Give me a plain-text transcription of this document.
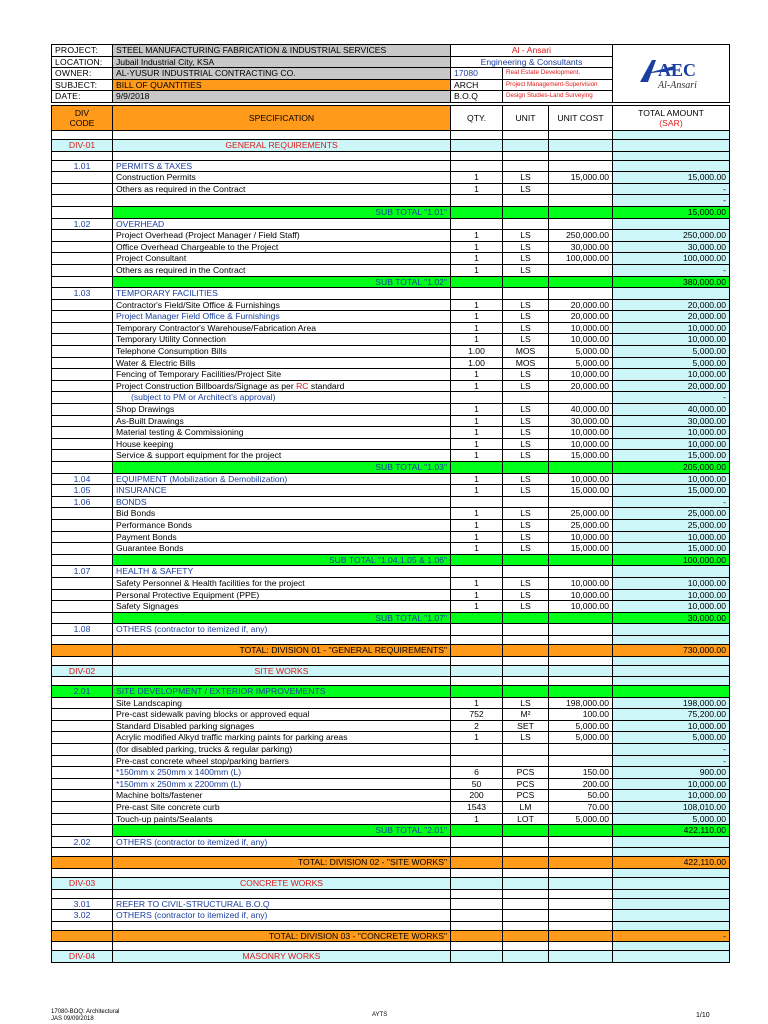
PROJECT:	STEEL MANUFACTURING FABRICATION & INDUSTRIAL SERVICES	Al - Ansari		AEC
Al-Ansari

LOCATION:	Jubail Industrial City, KSA	Engineering & Consultants		
OWNER:	AL-YUSUR INDUSTRIAL CONTRACTING CO.	17080	Real Estate Development.	
SUBJECT:	BILL OF QUANTITIES	ARCH	Project Management-Supervision	
DATE:	9/9/2018	B.O.Q	Design Studies-Land Surveying	
DIV
CODE	SPECIFICATION	QTY.	UNIT	UNIT COST	TOTAL AMOUNT
(SAR)

DIV-01	GENERAL REQUIREMENTS				

1.01	PERMITS & TAXES				
	Construction Permits	1	LS	15,000.00	15,000.00
	Others as required in the Contract	1	LS		-
					-
	SUB TOTAL "1.01"				15,000.00
1.02	OVERHEAD				
	Project Overhead (Project Manager / Field Staff)	1	LS	250,000.00	250,000.00
	Office Overhead Chargeable to the Project	1	LS	30,000.00	30,000.00
	Project Consultant	1	LS	100,000.00	100,000.00
	Others as required in the Contract	1	LS		-
	SUB TOTAL "1.02"				380,000.00
1.03	TEMPORARY FACILITIES				
	Contractor's Field/Site Office & Furnishings	1	LS	20,000.00	20,000.00
	Project Manager Field Office & Furnishings	1	LS	20,000.00	20,000.00
	Temporary Contractor's Warehouse/Fabrication Area	1	LS	10,000.00	10,000.00
	Temporary Utility Connection	1	LS	10,000.00	10,000.00
	Telephone Consumption Bills	1.00	MOS	5,000.00	5,000.00
	Water & Electric Bills	1.00	MOS	5,000.00	5,000.00
	Fencing of Temporary Facilities/Project Site	1	LS	10,000.00	10,000.00
	Project Construction Billboards/Signage as per RC standard	1	LS	20,000.00	20,000.00
	(subject to PM or Architect's approval)				-
	Shop Drawings	1	LS	40,000.00	40,000.00
	As-Built Drawings	1	LS	30,000.00	30,000.00
	Material testing & Commissioning	1	LS	10,000.00	10,000.00
	House keeping	1	LS	10,000.00	10,000.00
	Service & support equipment for the project	1	LS	15,000.00	15,000.00
	SUB TOTAL "1.03"				205,000.00
1.04	EQUIPMENT (Mobilization & Demobilization)	1	LS	10,000.00	10,000.00
1.05	INSURANCE	1	LS	15,000.00	15,000.00
1.06	BONDS				-
	Bid Bonds	1	LS	25,000.00	25,000.00
	Performance Bonds	1	LS	25,000.00	25,000.00
	Payment Bonds	1	LS	10,000.00	10,000.00
	Guarantee Bonds	1	LS	15,000.00	15,000.00
	SUB TOTAL "1.04,1.05 & 1.06"				100,000.00
1.07	HEALTH & SAFETY				
	Safety Personnel & Health facilities for the project	1	LS	10,000.00	10,000.00
	Personal Protective Equipment (PPE)	1	LS	10,000.00	10,000.00
	Safety Signages	1	LS	10,000.00	10,000.00
	SUB TOTAL "1.07"				30,000.00
1.08	OTHERS (contractor to itemized if, any)				

	TOTAL: DIVISION 01 - "GENERAL REQUIREMENTS"				730,000.00

DIV-02	SITE WORKS				

2.01	SITE DEVELOPMENT / EXTERIOR IMPROVEMENTS				
	Site Landscaping	1	LS	198,000.00	198,000.00
	Pre-cast sidewalk paving blocks or approved equal	752	M²	100.00	75,200.00
	Standard Disabled parking signages	2	SET	5,000.00	10,000.00
	Acrylic modified Alkyd traffic marking paints for parking areas	1	LS	5,000.00	5,000.00
	(for disabled parking, trucks & regular parking)				-
	Pre-cast concrete wheel stop/parking barriers				-
	*150mm x 250mm x 1400mm (L)	6	PCS	150.00	900.00
	*150mm x 250mm x 2200mm (L)	50	PCS	200.00	10,000.00
	Machine bolts/fastener	200	PCS	50.00	10,000.00
	Pre-cast Site concrete curb	1543	LM	70.00	108,010.00
	Touch-up paints/Sealants	1	LOT	5,000.00	5,000.00
	SUB TOTAL "2.01"				422,110.00
2.02	OTHERS (contractor to itemized if, any)				

	TOTAL: DIVISION 02 - "SITE WORKS"				422,110.00

DIV-03	CONCRETE WORKS				

3.01	REFER TO CIVIL-STRUCTURAL B.O.Q				
3.02	OTHERS (contractor to itemized if, any)				

	TOTAL: DIVISION 03 - "CONCRETE WORKS"				-

DIV-04	MASONRY WORKS				
17080-BOQ: Architectural
JAS 09/09/2018
AYTS	1/10
